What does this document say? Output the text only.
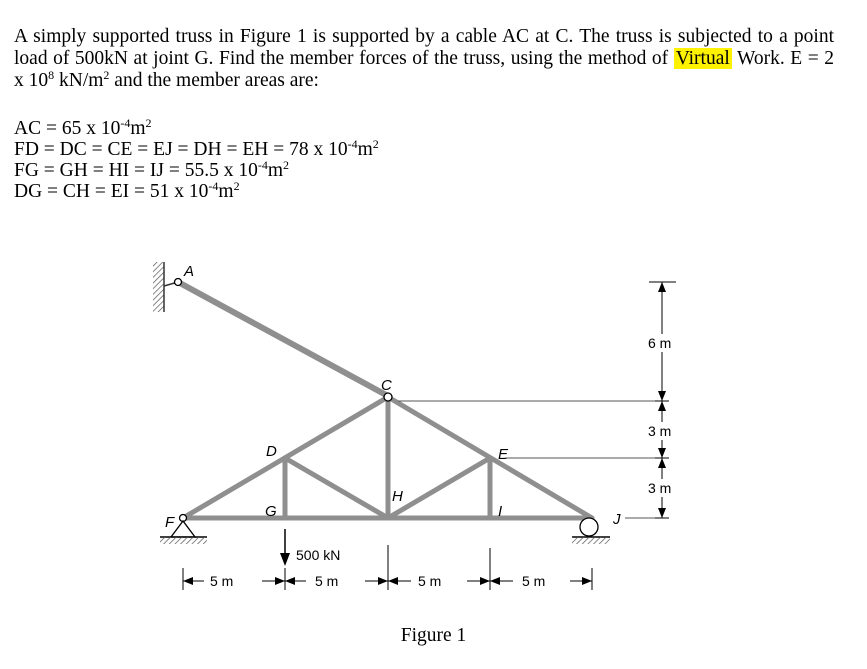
A simply supported truss in Figure 1 is supported by a cable AC at C. The truss is subjected to a point load of 500kN at joint G. Find the member forces of the truss, using the method of Virtual Work. E = 2 x $10^8$ $kN/m^2$ and the member areas are:

AC = 65 x $10^{-4}m^2$
FD = DC = CE = EJ = DH = EH = 78 x $10^{-4}m^2$
FG = GH = HI = IJ = 55.5 x $10^{-4}m^2$
DG = CH = EI = 51 x $10^{-4}m^2$
A
C
D	E
F
G
H
I	J
6 m
3 m
3 m
500 kN
5 m	5 m	5 m	5 m
Figure 1
